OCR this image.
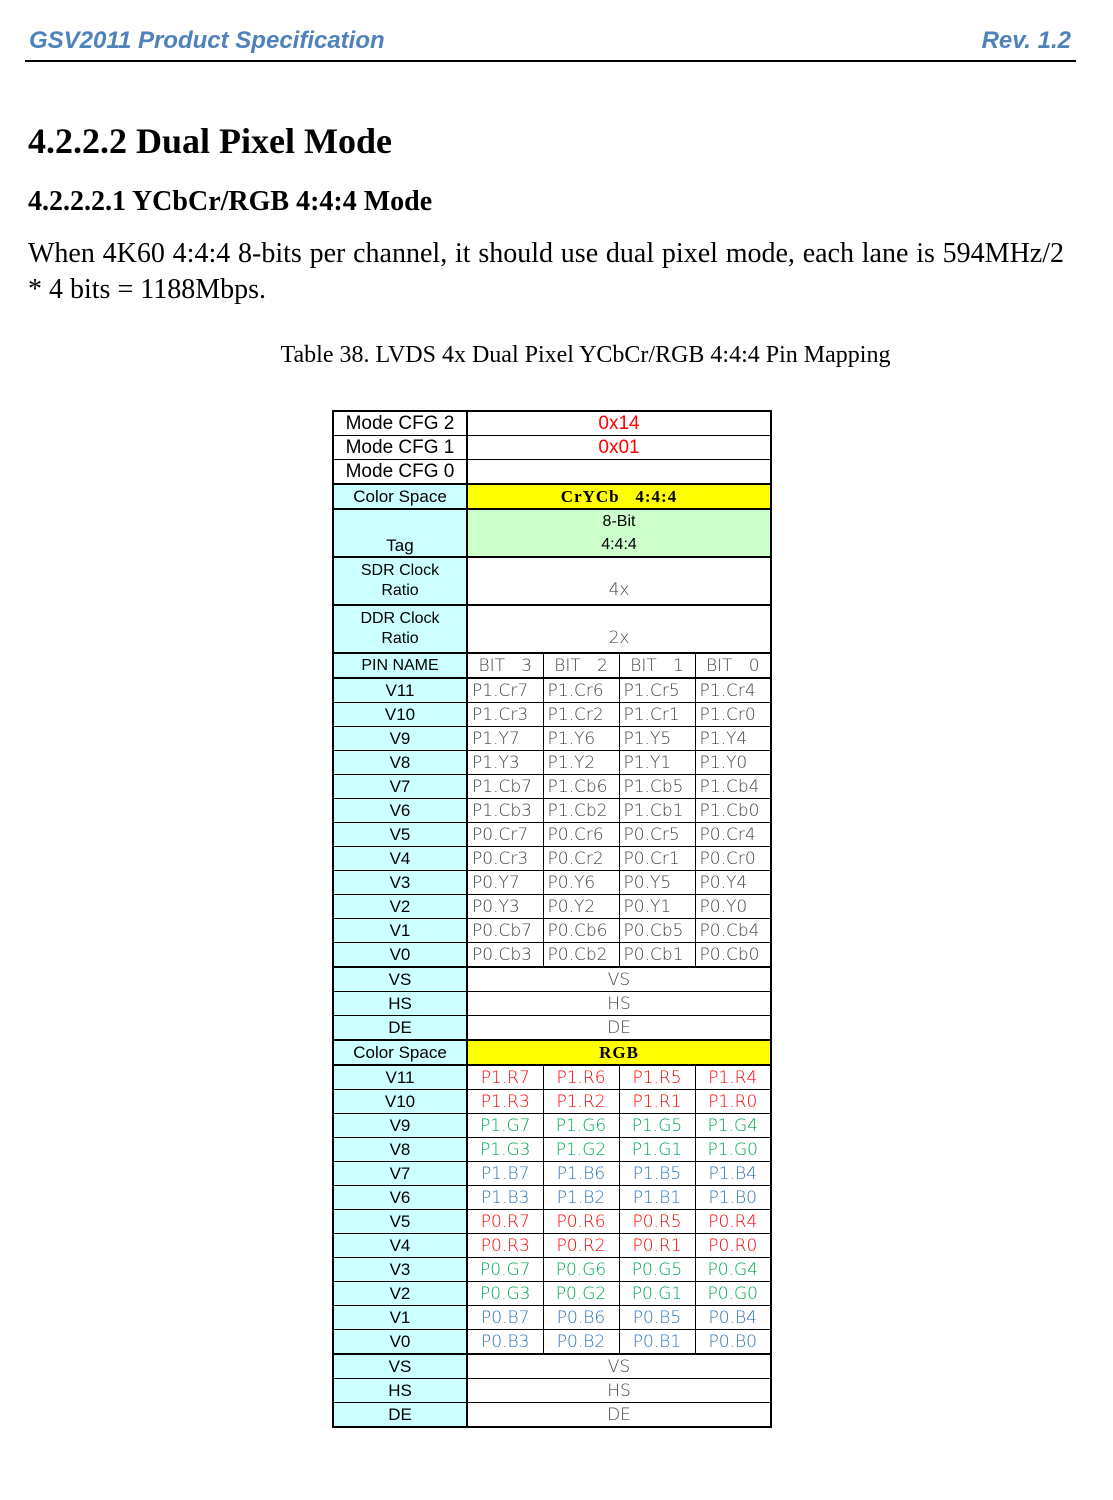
GSV2011 Product Specification	Rev. 1.2
4.2.2.2 Dual Pixel Mode
4.2.2.2.1 YCbCr/RGB 4:4:4 Mode

When 4K60 4:4:4 8-bits per channel, it should use dual pixel mode, each lane is 594MHz/2 * 4 bits = 1188Mbps.

Table 38. LVDS 4x Dual Pixel YCbCr/RGB 4:4:4 Pin Mapping

Mode CFG 2	0x14			
Mode CFG 1	0x01			
Mode CFG 0				
Color Space	CrYCb   4:4:4			
Tag	8-Bit
4:4:4			

SDR Clock
Ratio	4x			

DDR Clock
Ratio	2x			
PIN NAME	BIT   3	BIT   2	BIT   1	BIT   0
V11	P1.Cr7	P1.Cr6	P1.Cr5	P1.Cr4
V10	P1.Cr3	P1.Cr2	P1.Cr1	P1.Cr0
V9	P1.Y7	P1.Y6	P1.Y5	P1.Y4
V8	P1.Y3	P1.Y2	P1.Y1	P1.Y0
V7	P1.Cb7	P1.Cb6	P1.Cb5	P1.Cb4
V6	P1.Cb3	P1.Cb2	P1.Cb1	P1.Cb0
V5	P0.Cr7	P0.Cr6	P0.Cr5	P0.Cr4
V4	P0.Cr3	P0.Cr2	P0.Cr1	P0.Cr0
V3	P0.Y7	P0.Y6	P0.Y5	P0.Y4
V2	P0.Y3	P0.Y2	P0.Y1	P0.Y0
V1	P0.Cb7	P0.Cb6	P0.Cb5	P0.Cb4
V0	P0.Cb3	P0.Cb2	P0.Cb1	P0.Cb0
VS	VS			
HS	HS			
DE	DE			
Color Space	RGB			
V11	P1.R7	P1.R6	P1.R5	P1.R4
V10	P1.R3	P1.R2	P1.R1	P1.R0
V9	P1.G7	P1.G6	P1.G5	P1.G4
V8	P1.G3	P1.G2	P1.G1	P1.G0
V7	P1.B7	P1.B6	P1.B5	P1.B4
V6	P1.B3	P1.B2	P1.B1	P1.B0
V5	P0.R7	P0.R6	P0.R5	P0.R4
V4	P0.R3	P0.R2	P0.R1	P0.R0
V3	P0.G7	P0.G6	P0.G5	P0.G4
V2	P0.G3	P0.G2	P0.G1	P0.G0
V1	P0.B7	P0.B6	P0.B5	P0.B4
V0	P0.B3	P0.B2	P0.B1	P0.B0
VS	VS			
HS	HS			
DE	DE			
